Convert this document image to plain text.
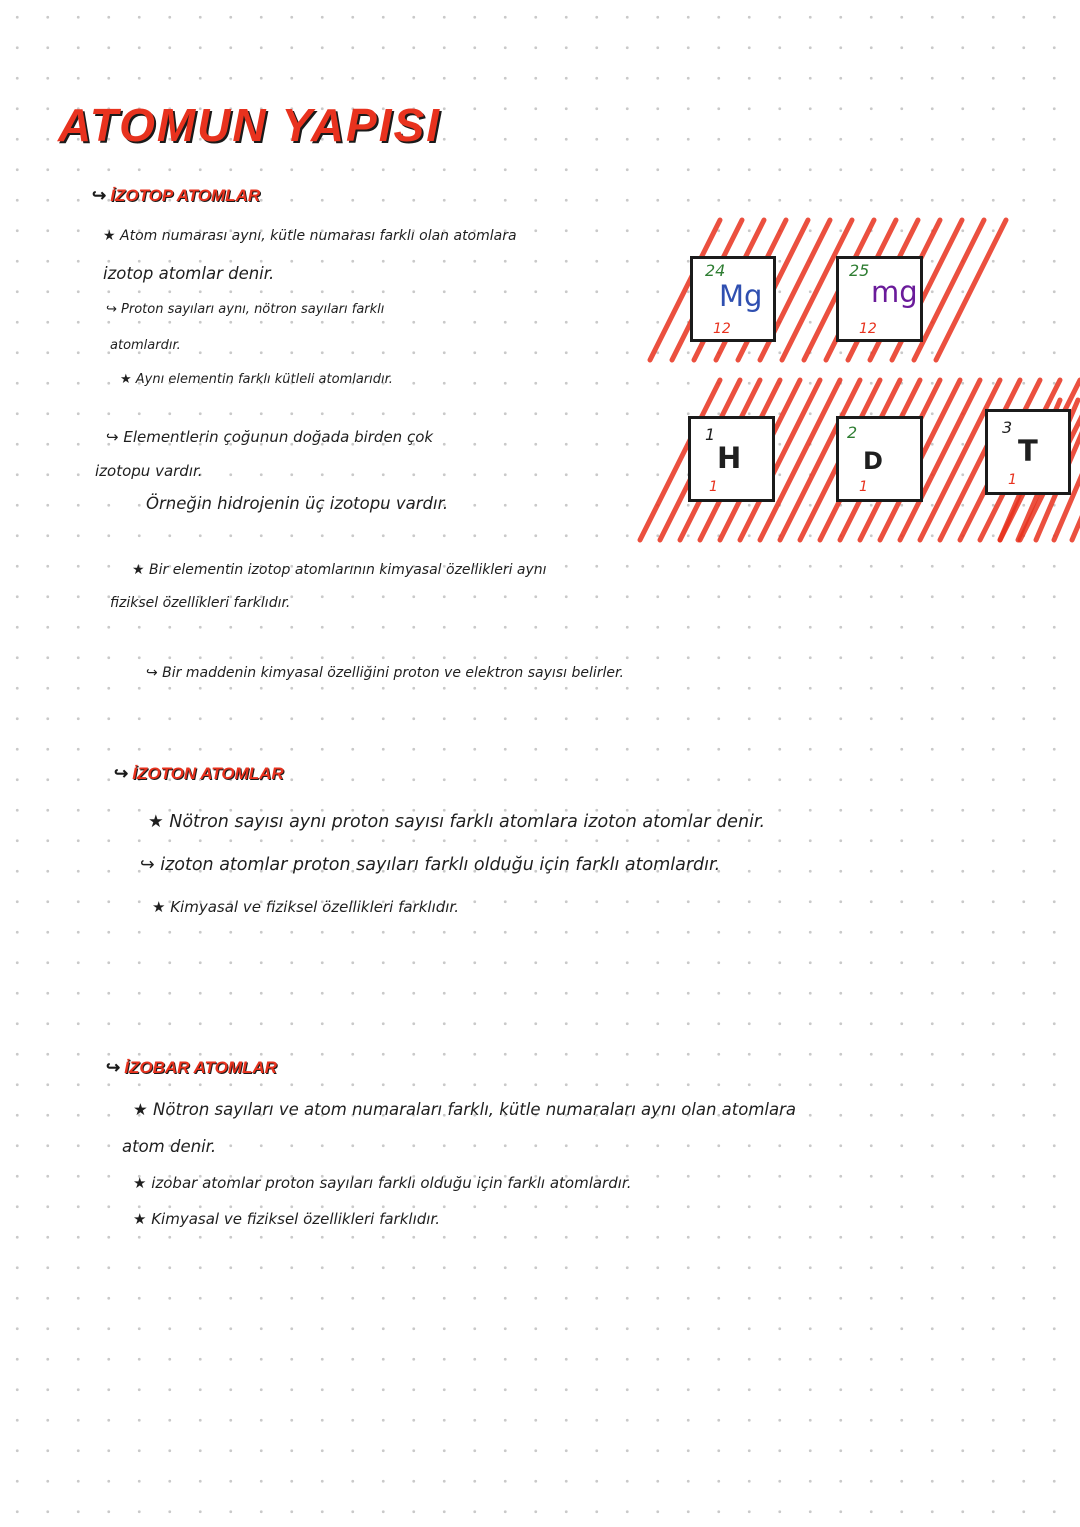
ATOMUN YAPISI
↪ İZOTOP ATOMLAR
★ Atom numarası aynı, kütle numarası farklı olan atomlara
izotop atomlar denir.
↪ Proton sayıları aynı, nötron sayıları farklı
atomlardır.
★ Aynı elementin farklı kütleli atomlarıdır.
↪ Elementlerin çoğunun doğada birden çok
izotopu vardır.
Örneğin hidrojenin üç izotopu vardır.
★ Bir elementin izotop atomlarının kimyasal özellikleri aynı
fiziksel özellikleri farklıdır.
↪ Bir maddenin kimyasal özelliğini proton ve elektron sayısı belirler.
24
Mg
12
25
mg
12
1
H
1
2
D
1
3
T
1
↪ İZOTON ATOMLAR
★ Nötron sayısı aynı proton sayısı farklı atomlara izoton atomlar denir.
↪ izoton atomlar proton sayıları farklı olduğu için farklı atomlardır.
★ Kimyasal ve fiziksel özellikleri farklıdır.
↪ İZOBAR ATOMLAR
★ Nötron sayıları ve atom numaraları farklı, kütle numaraları aynı olan atomlara
atom denir.
★ izobar atomlar proton sayıları farklı olduğu için farklı atomlardır.
★ Kimyasal ve fiziksel özellikleri farklıdır.
